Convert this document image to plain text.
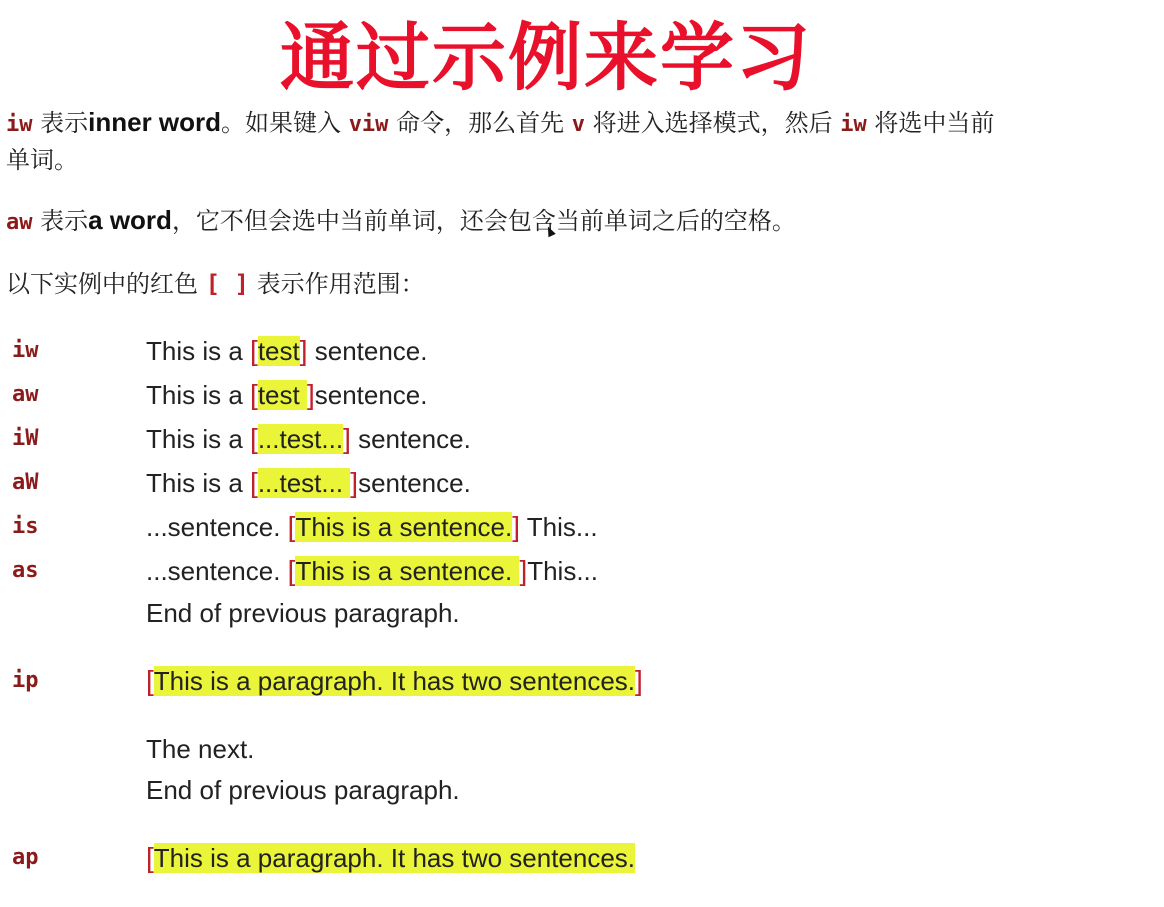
通过示例来学习
iw 表示inner word。如果键入 viw 命令，那么首先 v 将进入选择模式，然后 iw 将选中当前
单词。
aw 表示a word，它不但会选中当前单词，还会包含当前单词之后的空格。
以下实例中的红色 [ ] 表示作用范围：
iw	This is a [test] sentence.
aw	This is a [test ]sentence.
iW	This is a [...test...] sentence.
aW	This is a [...test... ]sentence.
is	...sentence. [This is a sentence.] This...
as	...sentence. [This is a sentence. ]This...
End of previous paragraph.
ip	[This is a paragraph. It has two sentences.]
The next.
End of previous paragraph.
ap	[This is a paragraph. It has two sentences.
